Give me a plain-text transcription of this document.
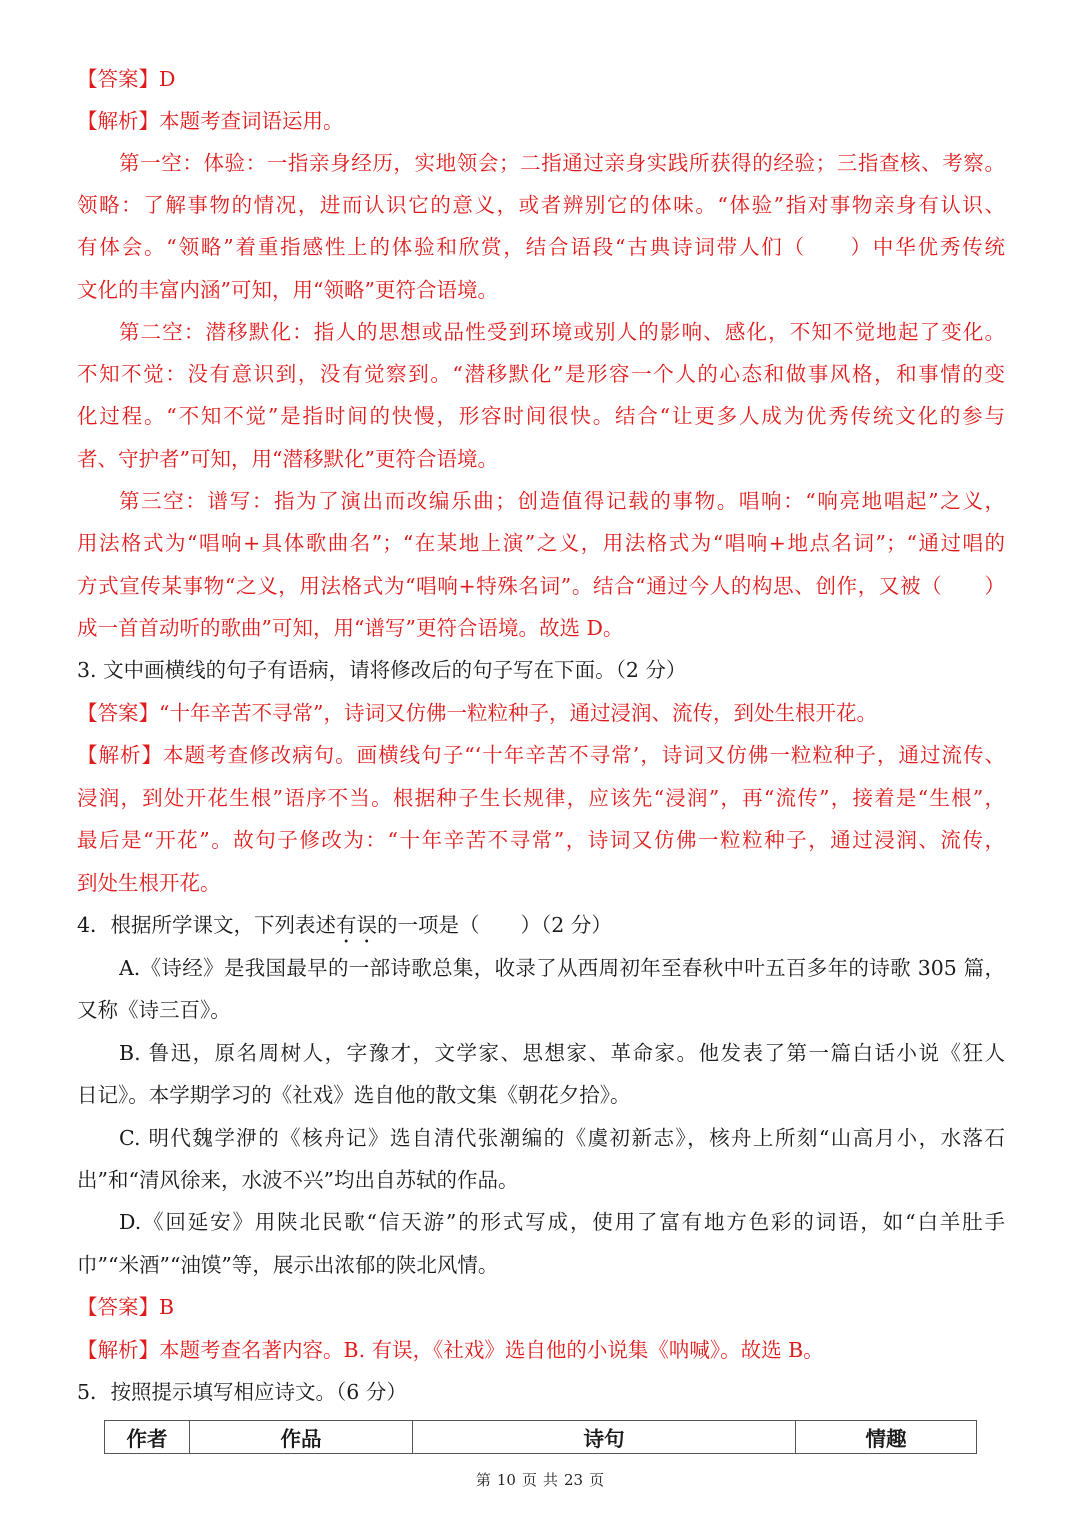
【答案】D
【解析】本题考查词语运用。
第一空：体验：一指亲身经历，实地领会；二指通过亲身实践所获得的经验；三指查核、考察。
领略：了解事物的情况，进而认识它的意义，或者辨别它的体味。“体验”指对事物亲身有认识、
有体会。“领略”着重指感性上的体验和欣赏，结合语段“古典诗词带人们（　　）中华优秀传统
文化的丰富内涵”可知，用“领略”更符合语境。
第二空：潜移默化：指人的思想或品性受到环境或别人的影响、感化，不知不觉地起了变化。
不知不觉：没有意识到，没有觉察到。“潜移默化”是形容一个人的心态和做事风格，和事情的变
化过程。“不知不觉”是指时间的快慢，形容时间很快。结合“让更多人成为优秀传统文化的参与
者、守护者”可知，用“潜移默化”更符合语境。
第三空：谱写：指为了演出而改编乐曲；创造值得记载的事物。唱响：“响亮地唱起”之义，
用法格式为“唱响+具体歌曲名”；“在某地上演”之义，用法格式为“唱响+地点名词”；“通过唱的
方式宣传某事物“之义，用法格式为“唱响+特殊名词”。结合“通过今人的构思、创作，又被（　　）
成一首首动听的歌曲”可知，用“谱写”更符合语境。故选 D。
3. 文中画横线的句子有语病，请将修改后的句子写在下面。（2 分）
【答案】“十年辛苦不寻常”，诗词又仿佛一粒粒种子，通过浸润、流传，到处生根开花。
【解析】本题考查修改病句。画横线句子“‘十年辛苦不寻常’，诗词又仿佛一粒粒种子，通过流传、
浸润，到处开花生根”语序不当。根据种子生长规律，应该先“浸润”，再“流传”，接着是“生根”，
最后是“开花”。故句子修改为：“十年辛苦不寻常”，诗词又仿佛一粒粒种子，通过浸润、流传，
到处生根开花。
4．根据所学课文，下列表述有误的一项是（　　）（2 分）
A.《诗经》是我国最早的一部诗歌总集，收录了从西周初年至春秋中叶五百多年的诗歌 305 篇，
又称《诗三百》。
B. 鲁迅，原名周树人，字豫才，文学家、思想家、革命家。他发表了第一篇白话小说《狂人
日记》。本学期学习的《社戏》选自他的散文集《朝花夕拾》。
C. 明代魏学洢的《核舟记》选自清代张潮编的《虞初新志》，核舟上所刻“山高月小，水落石
出”和“清风徐来，水波不兴”均出自苏轼的作品。
D.《回延安》用陕北民歌“信天游”的形式写成，使用了富有地方色彩的词语，如“白羊肚手
巾”“米酒”“油馍”等，展示出浓郁的陕北风情。
【答案】B
【解析】本题考查名著内容。B. 有误，《社戏》选自他的小说集《呐喊》。故选 B。
5．按照提示填写相应诗文。（6 分）
作者	作品	诗句	情趣
第 10 页 共 23 页
